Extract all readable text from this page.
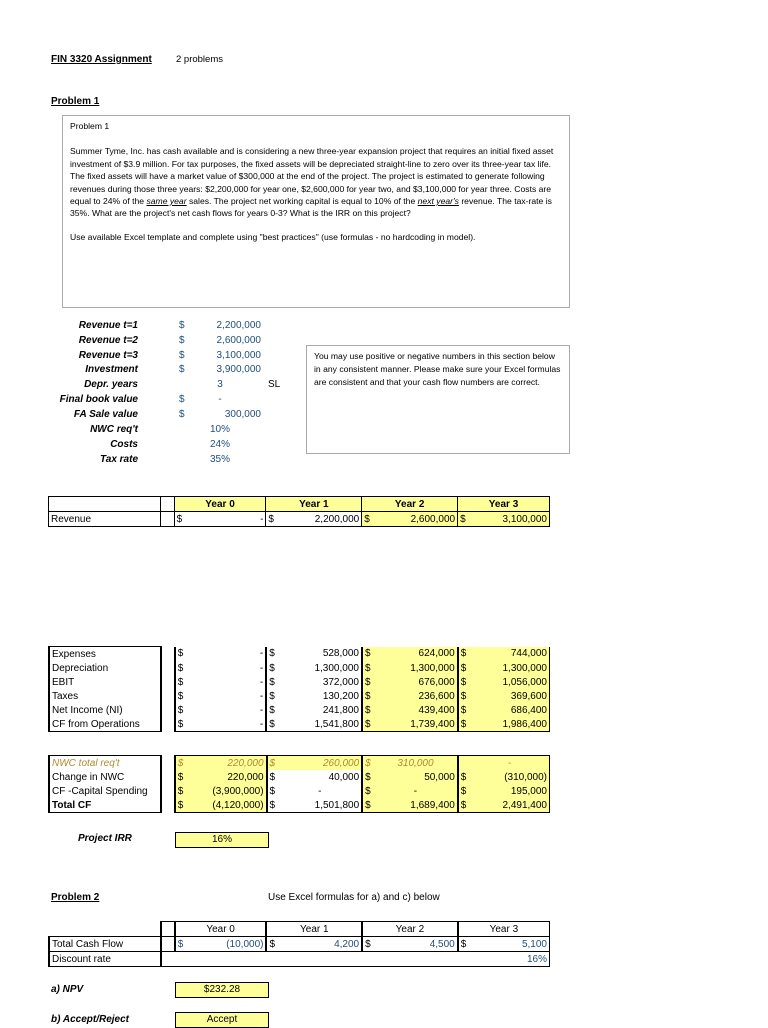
FIN 3320 Assignment	2 problems
Problem 1

Problem 1

Summer Tyme, Inc. has cash available and is considering a new three-year expansion project that requires an initial fixed asset investment of $3.9 million. For tax purposes, the fixed assets will be depreciated straight-line to zero over its three-year tax life. The fixed assets will have a market value of $300,000 at the end of the project. The project is estimated to generate following revenues during those three years: $2,200,000 for year one, $2,600,000 for year two, and $3,100,000 for year three. Costs are equal to 24% of the same year sales. The project net working capital is equal to 10% of the next year's revenue. The tax-rate is 35%. What are the project's net cash flows for years 0-3? What is the IRR on this project?

Use available Excel template and complete using "best practices" (use formulas - no hardcoding in model).

Revenue t=1	$	2,200,000
Revenue t=2	$	2,600,000
Revenue t=3	$	3,100,000
Investment	$	3,900,000
Depr. years	3	SL
Final book value	$	-
FA Sale value	$	300,000
NWC req't	10%
Costs	24%
Tax rate	35%
You may use positive or negative numbers in this section below in any consistent manner. Please make sure your Excel formulas are consistent and that your cash flow numbers are correct.
		Year 0		Year 1		Year 2		Year 3	
Revenue		$	-	$	2,200,000	$	2,600,000	$	3,100,000
Expenses		$	-	$	528,000	$	624,000	$	744,000
Depreciation		$	-	$	1,300,000	$	1,300,000	$	1,300,000
EBIT		$	-	$	372,000	$	676,000	$	1,056,000
Taxes		$	-	$	130,200	$	236,600	$	369,600
Net Income (NI)		$	-	$	241,800	$	439,400	$	686,400
CF from Operations		$	-	$	1,541,800	$	1,739,400	$	1,986,400
NWC total req't		$	220,000	$	260,000	$	310,000		-
Change in NWC		$	220,000	$	40,000	$	50,000	$	(310,000)
CF -Capital Spending		$	(3,900,000)	$	-	$	-	$	195,000
Total CF		$	(4,120,000)	$	1,501,800	$	1,689,400	$	2,491,400
Project IRR	16%
Problem 2	Use Excel formulas for a) and c) below
		Year 0		Year 1		Year 2		Year 3	
Total Cash Flow		$	(10,000)	$	4,200	$	4,500	$	5,100
Discount rate		16%							
a) NPV	$232.28
b) Accept/Reject	Accept
